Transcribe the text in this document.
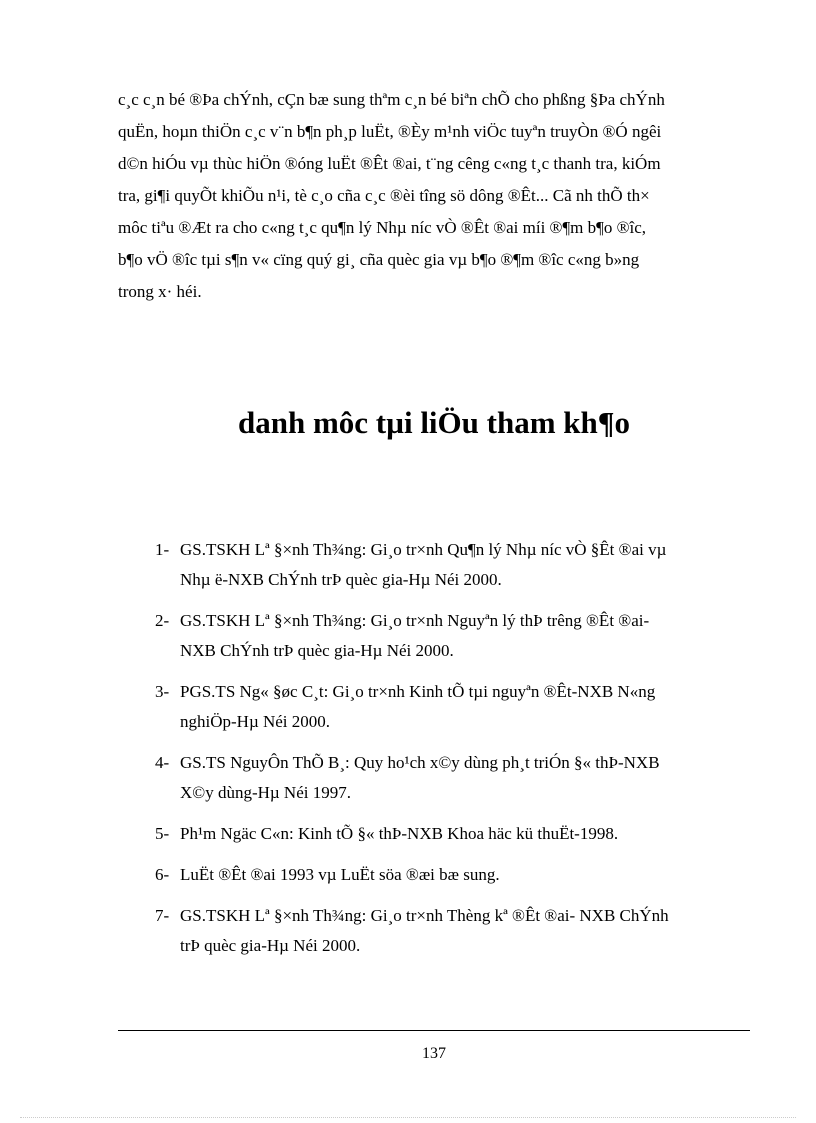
c¸c c¸n bé ®Þa chÝnh, cÇn bæ sung thªm c¸n bé biªn chÕ cho phßng §Þa chÝnh
quËn, hoµn thiÖn c¸c v¨n b¶n ph¸p luËt, ®Èy m¹nh viÖc tuyªn truyÒn ®Ó ngêi
d©n hiÓu vµ thùc hiÖn ®óng luËt ®Êt ®ai, t¨ng cêng c«ng t¸c thanh tra, kiÓm
tra, gi¶i quyÕt khiÕu n¹i, tè c¸o cña c¸c ®èi tîng sö dông ®Êt... Cã nh thÕ th×
môc tiªu ®Æt ra cho c«ng t¸c qu¶n lý Nhµ níc vÒ ®Êt ®ai míi ®¶m b¶o ®îc,
b¶o vÖ ®îc tµi s¶n v« cïng quý gi¸ cña quèc gia vµ b¶o ®¶m ®îc c«ng b»ng
trong x· héi.
danh môc tµi liÖu tham kh¶o
1- GS.TSKH Lª §×nh Th¾ng: Gi¸o tr×nh Qu¶n lý Nhµ níc vÒ §Êt ®ai vµ
Nhµ ë-NXB ChÝnh trÞ quèc gia-Hµ Néi 2000.
2- GS.TSKH Lª §×nh Th¾ng: Gi¸o tr×nh Nguyªn lý thÞ trêng ®Êt ®ai-
NXB ChÝnh trÞ quèc gia-Hµ Néi 2000.
3- PGS.TS Ng« §øc C¸t: Gi¸o tr×nh Kinh tÕ tµi nguyªn ®Êt-NXB N«ng
nghiÖp-Hµ Néi 2000.
4- GS.TS NguyÔn ThÕ B¸: Quy ho¹ch x©y dùng ph¸t triÓn §« thÞ-NXB
X©y dùng-Hµ Néi 1997.
5- Ph¹m Ngäc C«n: Kinh tÕ §« thÞ-NXB Khoa häc kü thuËt-1998.
6- LuËt ®Êt ®ai 1993 vµ LuËt söa ®æi bæ sung.
7- GS.TSKH Lª §×nh Th¾ng: Gi¸o tr×nh Thèng kª ®Êt ®ai- NXB ChÝnh
trÞ quèc gia-Hµ Néi 2000.
137
